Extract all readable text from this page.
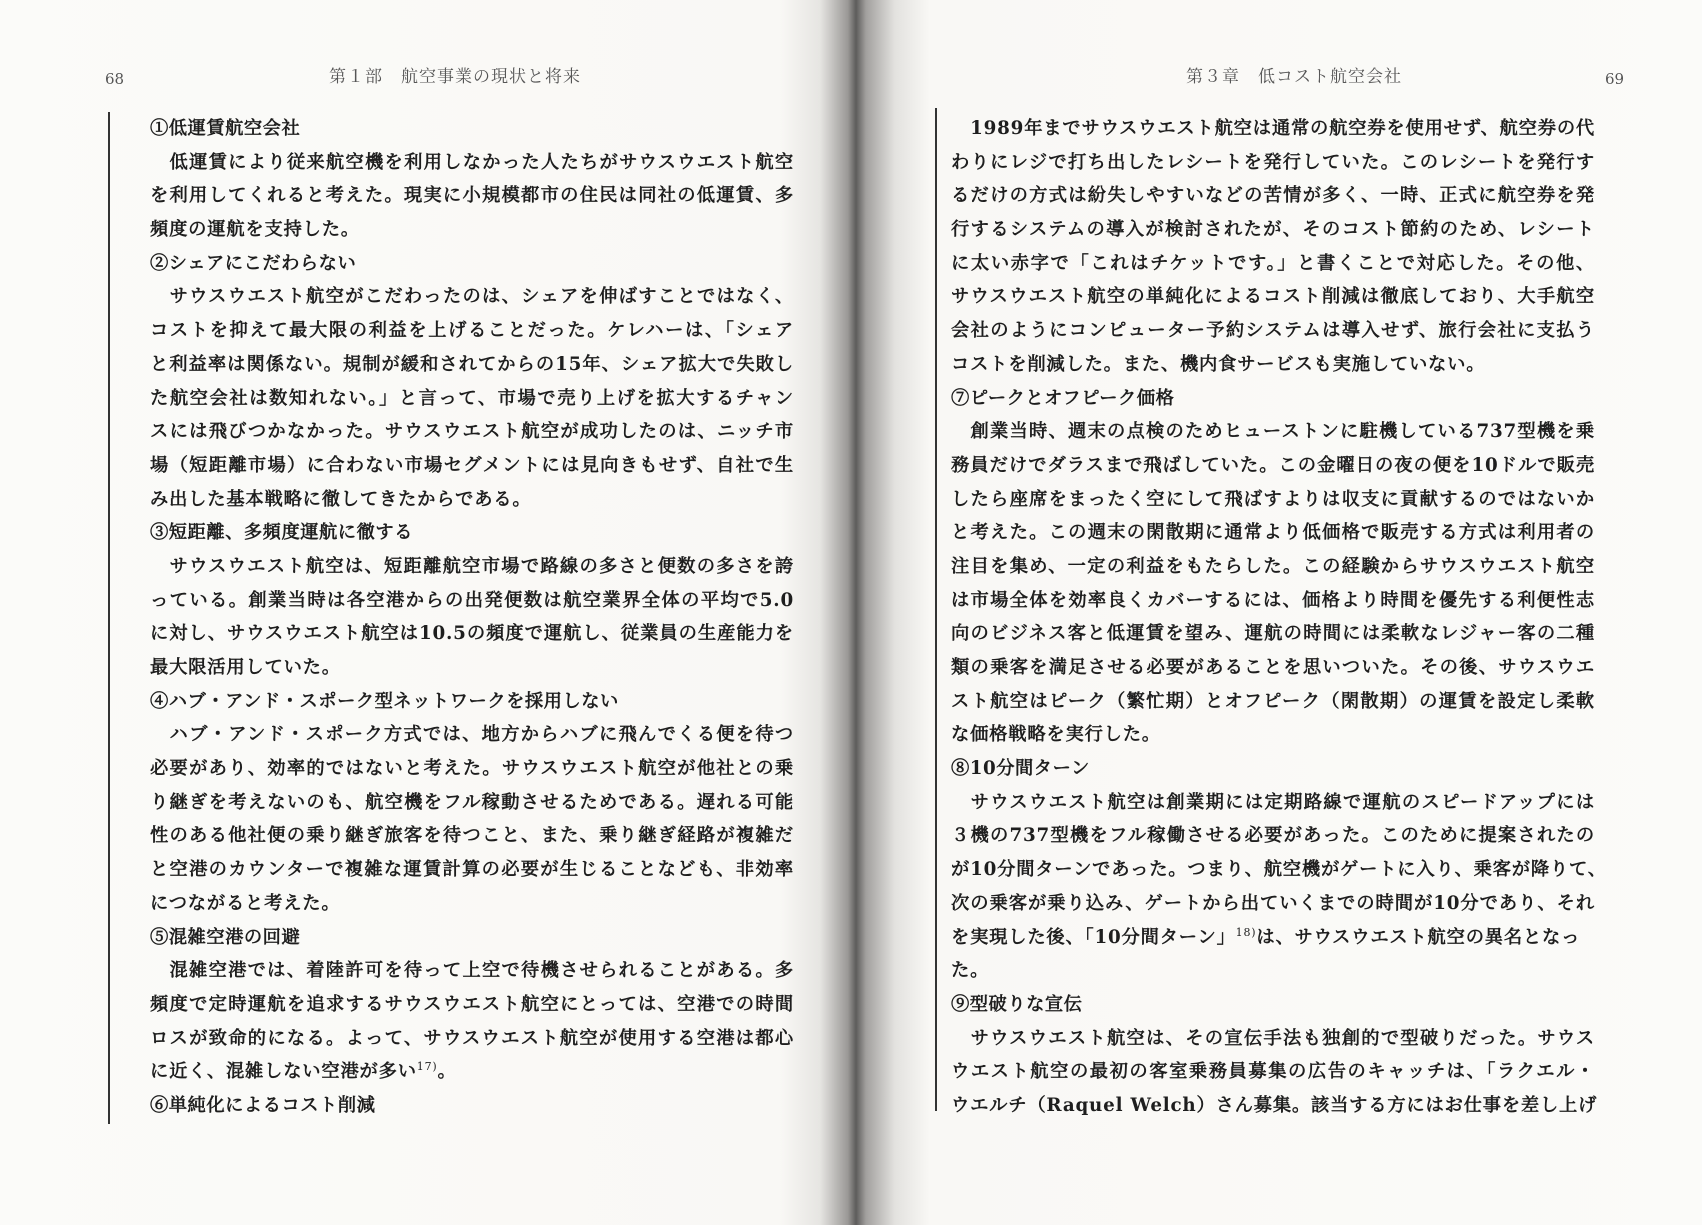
68	第１部　航空事業の現状と将来
①低運賃航空会社
　低運賃により従来航空機を利用しなかった人たちがサウスウエスト航空
を利用してくれると考えた。現実に小規模都市の住民は同社の低運賃、多
頻度の運航を支持した。
②シェアにこだわらない
　サウスウエスト航空がこだわったのは、シェアを伸ばすことではなく、
コストを抑えて最大限の利益を上げることだった。ケレハーは、「シェア
と利益率は関係ない。規制が緩和されてからの15年、シェア拡大で失敗し
た航空会社は数知れない。」と言って、市場で売り上げを拡大するチャン
スには飛びつかなかった。サウスウエスト航空が成功したのは、ニッチ市
場（短距離市場）に合わない市場セグメントには見向きもせず、自社で生
み出した基本戦略に徹してきたからである。
③短距離、多頻度運航に徹する
　サウスウエスト航空は、短距離航空市場で路線の多さと便数の多さを誇
っている。創業当時は各空港からの出発便数は航空業界全体の平均で5.0
に対し、サウスウエスト航空は10.5の頻度で運航し、従業員の生産能力を
最大限活用していた。
④ハブ・アンド・スポーク型ネットワークを採用しない
　ハブ・アンド・スポーク方式では、地方からハブに飛んでくる便を待つ
必要があり、効率的ではないと考えた。サウスウエスト航空が他社との乗
り継ぎを考えないのも、航空機をフル稼動させるためである。遅れる可能
性のある他社便の乗り継ぎ旅客を待つこと、また、乗り継ぎ経路が複雑だ
と空港のカウンターで複雑な運賃計算の必要が生じることなども、非効率
につながると考えた。
⑤混雑空港の回避
　混雑空港では、着陸許可を待って上空で待機させられることがある。多
頻度で定時運航を追求するサウスウエスト航空にとっては、空港での時間
ロスが致命的になる。よって、サウスウエスト航空が使用する空港は都心
に近く、混雑しない空港が多い$^{17)}$。
⑥単純化によるコスト削減
第３章　低コスト航空会社	69
　1989年までサウスウエスト航空は通常の航空券を使用せず、航空券の代
わりにレジで打ち出したレシートを発行していた。このレシートを発行す
るだけの方式は紛失しやすいなどの苦情が多く、一時、正式に航空券を発
行するシステムの導入が検討されたが、そのコスト節約のため、レシート
に太い赤字で「これはチケットです。」と書くことで対応した。その他、
サウスウエスト航空の単純化によるコスト削減は徹底しており、大手航空
会社のようにコンピューター予約システムは導入せず、旅行会社に支払う
コストを削減した。また、機内食サービスも実施していない。
⑦ピークとオフピーク価格
　創業当時、週末の点検のためヒューストンに駐機している737型機を乗
務員だけでダラスまで飛ばしていた。この金曜日の夜の便を10ドルで販売
したら座席をまったく空にして飛ばすよりは収支に貢献するのではないか
と考えた。この週末の閑散期に通常より低価格で販売する方式は利用者の
注目を集め、一定の利益をもたらした。この経験からサウスウエスト航空
は市場全体を効率良くカバーするには、価格より時間を優先する利便性志
向のビジネス客と低運賃を望み、運航の時間には柔軟なレジャー客の二種
類の乗客を満足させる必要があることを思いついた。その後、サウスウエ
スト航空はピーク（繁忙期）とオフピーク（閑散期）の運賃を設定し柔軟
な価格戦略を実行した。
⑧10分間ターン
　サウスウエスト航空は創業期には定期路線で運航のスピードアップには
３機の737型機をフル稼働させる必要があった。このために提案されたの
が10分間ターンであった。つまり、航空機がゲートに入り、乗客が降りて、
次の乗客が乗り込み、ゲートから出ていくまでの時間が10分であり、それ
を実現した後、「10分間ターン」$^{18)}$は、サウスウエスト航空の異名となっ
た。
⑨型破りな宣伝
　サウスウエスト航空は、その宣伝手法も独創的で型破りだった。サウス
ウエスト航空の最初の客室乗務員募集の広告のキャッチは、「ラクエル・
ウエルチ（Raquel Welch）さん募集。該当する方にはお仕事を差し上げ
